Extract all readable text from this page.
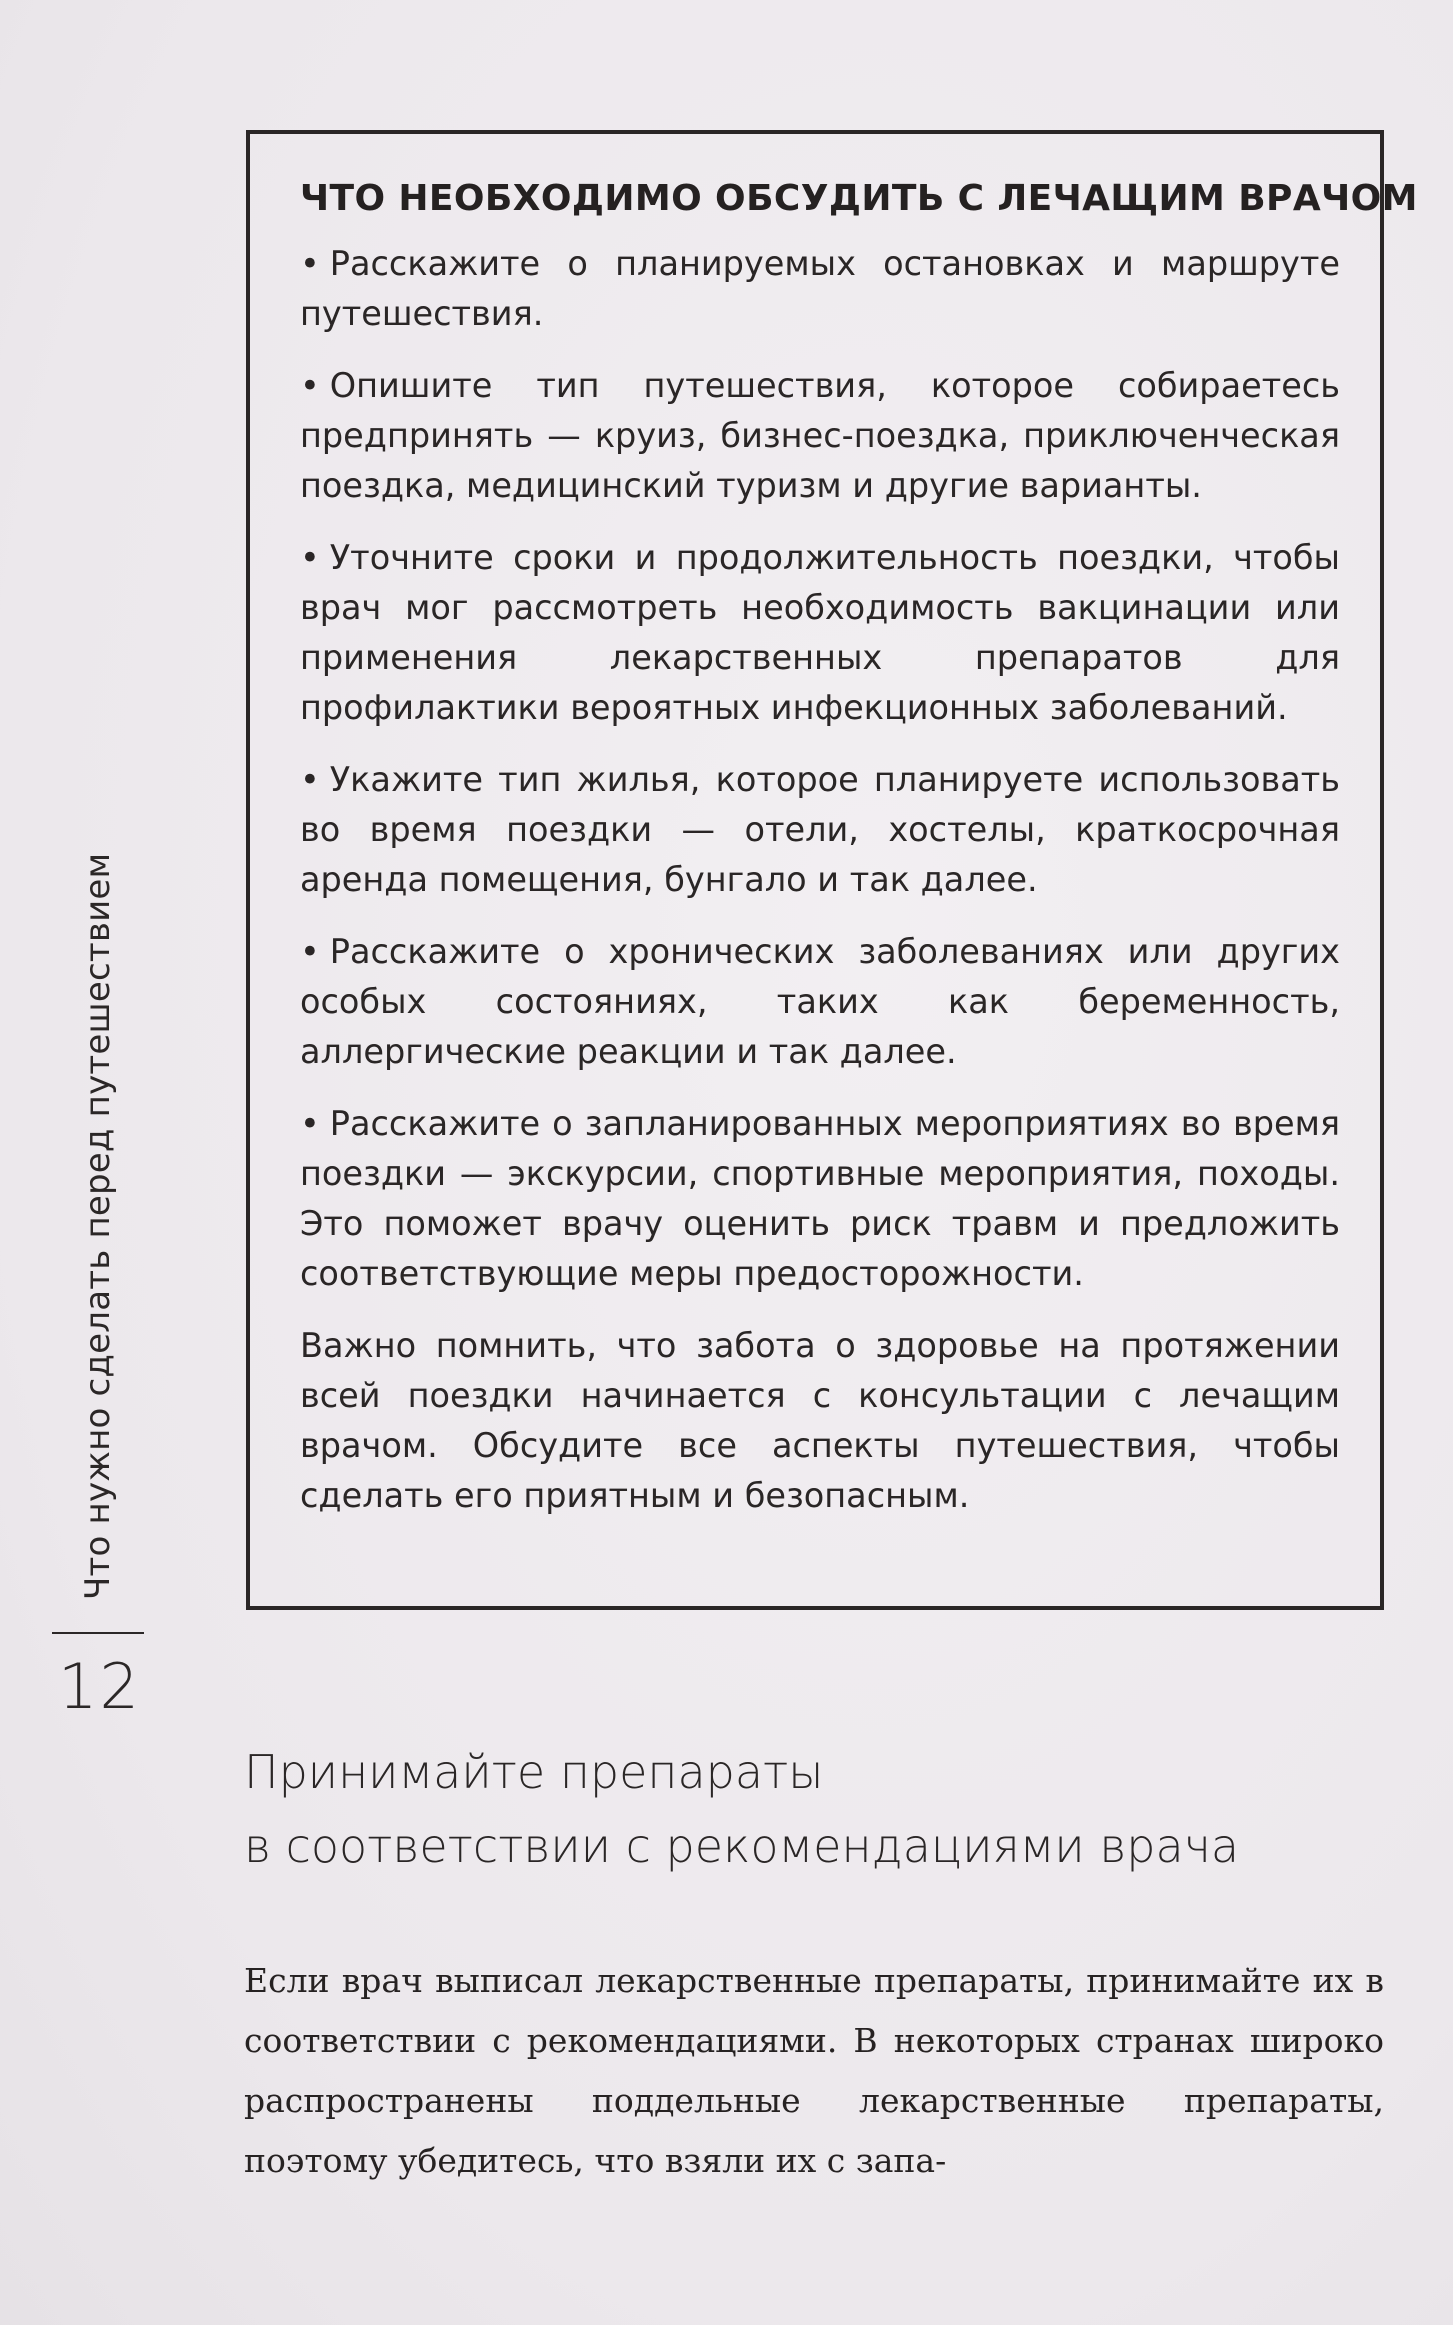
Что нужно сделать перед путешествием
12
ЧТО НЕОБХОДИМО ОБСУДИТЬ С ЛЕЧАЩИМ ВРАЧОМ

• Расскажите о планируемых остановках и маршруте путешествия.

• Опишите тип путешествия, которое собираетесь предпринять — круиз, бизнес-поездка, приключенческая поездка, медицинский туризм и другие варианты.

• Уточните сроки и продолжительность поездки, чтобы врач мог рассмотреть необходимость вакцинации или применения лекарственных препаратов для профилактики вероятных инфекционных заболеваний.

• Укажите тип жилья, которое планируете использовать во время поездки — отели, хостелы, краткосрочная аренда помещения, бунгало и так далее.

• Расскажите о хронических заболеваниях или других особых состояниях, таких как беременность, аллергические реакции и так далее.

• Расскажите о запланированных мероприятиях во время поездки — экскурсии, спортивные мероприятия, походы. Это поможет врачу оценить риск травм и предложить соответствующие меры предосторожности.

Важно помнить, что забота о здоровье на протяжении всей поездки начинается с консультации с лечащим врачом. Обсудите все аспекты путешествия, чтобы сделать его приятным и безопасным.

Принимайте препараты
в соответствии с рекомендациями врача

Если врач выписал лекарственные препараты, принимайте их в соответствии с рекомендациями. В некоторых странах широко распространены поддельные лекарственные препараты, поэтому убедитесь, что взяли их с запа-
